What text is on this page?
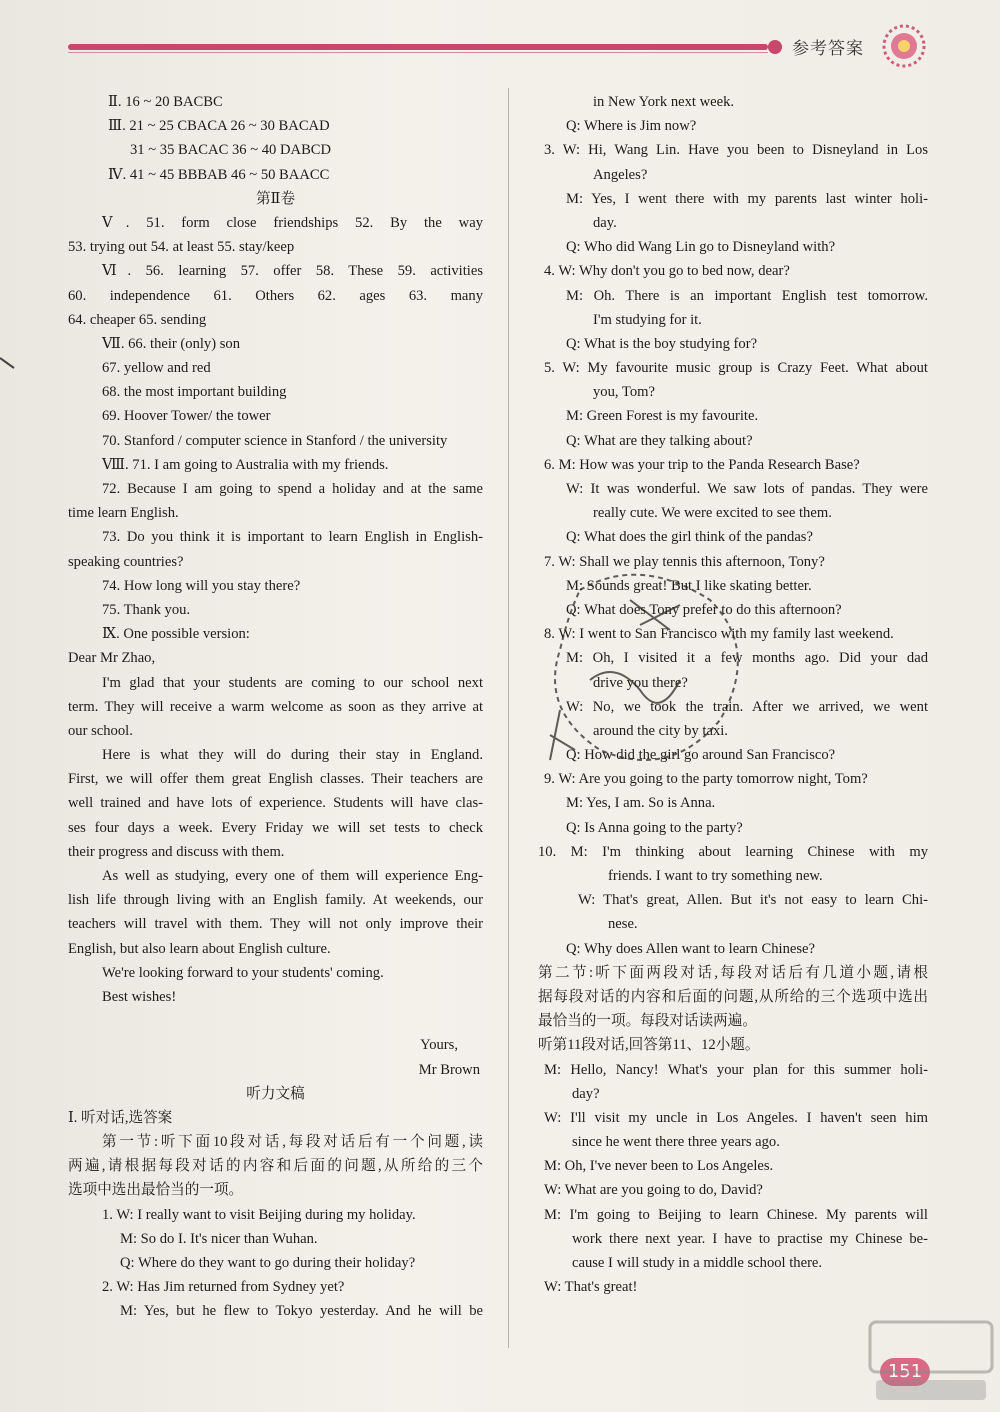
参考答案
Ⅱ. 16 ~ 20 BACBC
Ⅲ. 21 ~ 25 CBACA 26 ~ 30 BACAD
31 ~ 35 BACAC 36 ~ 40 DABCD
Ⅳ. 41 ~ 45 BBBAB 46 ~ 50 BAACC
第Ⅱ卷
Ⅴ. 51. form close friendships 52. By the way
53. trying out 54. at least 55. stay/keep
Ⅵ. 56. learning 57. offer 58. These 59. activities
60. independence 61. Others 62. ages 63. many
64. cheaper 65. sending
Ⅶ. 66. their (only) son
67. yellow and red
68. the most important building
69. Hoover Tower/ the tower
70. Stanford / computer science in Stanford / the university
Ⅷ. 71. I am going to Australia with my friends.
72. Because I am going to spend a holiday and at the same
time learn English.
73. Do you think it is important to learn English in English-
speaking countries?
74. How long will you stay there?
75. Thank you.
Ⅸ. One possible version:
Dear Mr Zhao,
I'm glad that your students are coming to our school next
term. They will receive a warm welcome as soon as they arrive at
our school.
Here is what they will do during their stay in England.
First, we will offer them great English classes. Their teachers are
well trained and have lots of experience. Students will have clas-
ses four days a week. Every Friday we will set tests to check
their progress and discuss with them.
As well as studying, every one of them will experience Eng-
lish life through living with an English family. At weekends, our
teachers will travel with them. They will not only improve their
English, but also learn about English culture.
We're looking forward to your students' coming.
Best wishes!
Yours,
Mr Brown
听力文稿
Ⅰ. 听对话,选答案
第一节:听下面10段对话,每段对话后有一个问题,读
两遍,请根据每段对话的内容和后面的问题,从所给的三个
选项中选出最恰当的一项。
1. W: I really want to visit Beijing during my holiday.
M: So do I. It's nicer than Wuhan.
Q: Where do they want to go during their holiday?
2. W: Has Jim returned from Sydney yet?
M: Yes, but he flew to Tokyo yesterday. And he will be
in New York next week.
Q: Where is Jim now?
3. W: Hi, Wang Lin. Have you been to Disneyland in Los
Angeles?
M: Yes, I went there with my parents last winter holi-
day.
Q: Who did Wang Lin go to Disneyland with?
4. W: Why don't you go to bed now, dear?
M: Oh. There is an important English test tomorrow.
I'm studying for it.
Q: What is the boy studying for?
5. W: My favourite music group is Crazy Feet. What about
you, Tom?
M: Green Forest is my favourite.
Q: What are they talking about?
6. M: How was your trip to the Panda Research Base?
W: It was wonderful. We saw lots of pandas. They were
really cute. We were excited to see them.
Q: What does the girl think of the pandas?
7. W: Shall we play tennis this afternoon, Tony?
M: Sounds great! But I like skating better.
Q: What does Tony prefer to do this afternoon?
8. W: I went to San Francisco with my family last weekend.
M: Oh, I visited it a few months ago. Did your dad
drive you there?
W: No, we took the train. After we arrived, we went
around the city by taxi.
Q: How did the girl go around San Francisco?
9. W: Are you going to the party tomorrow night, Tom?
M: Yes, I am. So is Anna.
Q: Is Anna going to the party?
10. M: I'm thinking about learning Chinese with my
friends. I want to try something new.
W: That's great, Allen. But it's not easy to learn Chi-
nese.
Q: Why does Allen want to learn Chinese?
第二节:听下面两段对话,每段对话后有几道小题,请根
据每段对话的内容和后面的问题,从所给的三个选项中选出
最恰当的一项。每段对话读两遍。
听第11段对话,回答第11、12小题。
M: Hello, Nancy! What's your plan for this summer holi-
day?
W: I'll visit my uncle in Los Angeles. I haven't seen him
since he went there three years ago.
M: Oh, I've never been to Los Angeles.
W: What are you going to do, David?
M: I'm going to Beijing to learn Chinese. My parents will
work there next year. I have to practise my Chinese be-
cause I will study in a middle school there.
W: That's great!
151
